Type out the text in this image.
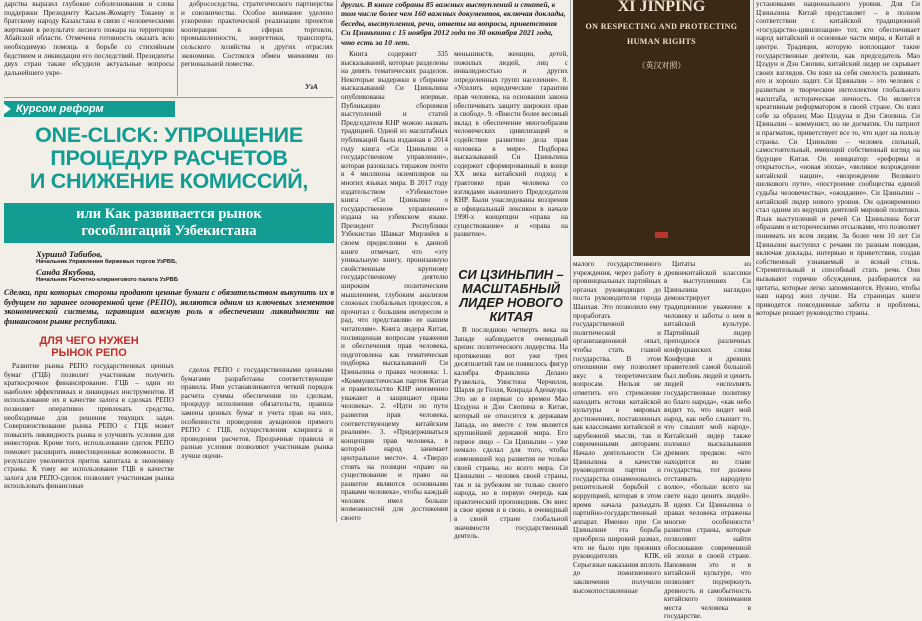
дарства выразил глубокие соболезнования и слова поддержки Президенту Касым-Жомарту Токаеву и братскому народу Казахстана в связи с человеческими жертвами в результате лесного пожара на территории Абайской области. Отмечена готовность оказать всю необходимую помощь в борьбе со стихийным бедствием и ликвидации его последствий. Президенты двух стран также обсудили актуальные вопросы дальнейшего укре-

добрососедства, стратегического партнерства и союзничества. Особое внимание уделено ускоренно практической реализации проектов кооперации в сферах торговли, промышленности, энергетики, транспорта, сельского хозяйства и других отраслях экономики. Состоялся обмен мнениями по региональной повестке.

УзА
Курсом реформ
ONE-CLICK: УПРОЩЕНИЕ
ПРОЦЕДУР РАСЧЕТОВ
И СНИЖЕНИЕ КОМИССИЙ,
или Как развивается рынок
гособлигаций Узбекистана
Хуршид Табибов,
Начальник Управления биржевых торгов УзРВБ,
Санда Якубова,
Начальник Расчетно-клирингового палата УзРВБ
Сделки, при которых стороны продают ценные бумаги с обязательством выкупить их в будущем по заранее оговоренной цене (РЕПО), являются одним из ключевых элементов экономической системы, играющим важную роль в обеспечении ликвидности на финансовом рынке республики.
ДЛЯ ЧЕГО НУЖЕН
РЫНОК РЕПО

Развитие рынка РЕПО государственных ценных бумаг (ГЦБ) позволит участникам получить краткосрочное финансирование. ГЦБ – один из наиболее эффективных и ликвидных инструментов. И использование их в качестве залога в сделках РЕПО позволяет оперативно привлекать средства, необходимые для решения текущих задач. Совершенствование рынка РЕПО с ГЦБ может повысить ликвидность рынка и улучшить условия для инвесторов. Кроме того, использование сделок РЕПО поможет расширить инвестиционные возможности. В результате увеличится приток капитала в экономику страны. К тому же использование ГЦБ в качестве залога для РЕПО-сделок позволяет участникам рынка использовать финансовые

сделок РЕПО с государственными ценными бумагами разработаны соответствующие правила. Ими устанавливаются четкий порядок расчета суммы обеспечения по сделкам, процедур исполнения обязательств, правила замены ценных бумаг и учета прав на них, особенности проведения аукционов прямого РЕПО с ГЦБ, осуществления клиринга и проведения расчетов. Прозрачные правила и разные условия позволяют участникам рынка лучше оцени-

других. В книге собраны 85 важных выступлений и статей, в том числе более чем 160 важных документов, включая доклады, беседы, выступления, речи, ответы на вопросы, приветствия Си Цзиньпина с 15 ноября 2012 года по 30 октября 2021 года, что есть за 10 лет.

Книга содержит 335 высказываний, которые разделены на девять тематических разделов. Некоторые выдержки в сборнике высказываний Си Цзиньпина опубликованы впервые. Публикацию сборников выступлений и статей Председателя КНР можно назвать традицией. Одной из масштабных публикаций была изданная в 2014 году книга «Си Цзиньпин о государственном управлении», которая разошлась тиражом почти в 4 миллиона экземпляров на многих языках мира. В 2017 году издательством «Узбекистон» книга «Си Цзиньпин о государственном управлении» издана на узбекском языке. Президент Республики Узбекистан Шавкат Мирзиёев в своем предисловии к данной книге отмечает, что «эту уникальную книгу, пронизанную свойственным крупному государственному деятелю широким политическим мышлением, глубоким анализом сложных глобальных процессов, я прочитал с большим интересом и рад, что представляю ее нашим читателям». Книга лидера Китая, посвященная вопросам уважения и обеспечения прав человека, подготовлена как тематическая подборка высказываний Си Цзиньпина о правах человека: 1. «Коммунистическая партия Китая и правительство КНР неизменно уважают и защищают права человека». 2. «Идти по пути развития прав человека, соответствующему китайским реалиям». 3. «Придерживаться концепции прав человека, в которой народ занимает центральное место». 4. «Твердо стоять на позиции «право на существование и право на развитие являются основными правами человека», чтобы каждый человек имел больше возможностей для достижения своего

меньшинств, женщин, детей, пожилых людей, лиц с инвалидностью и других определенных групп населения». 8. «Усилить юридические гарантии прав человека, на основании закона обеспечивать защиту широких прав и свобод». 9. «Внести более весомый вклад в обеспечение многообразия человеческих цивилизаций и содействие развитию дела прав человека в мире». Подборка высказываний Си Цзиньпина содержит сформированный в конце ХХ века китайский подход к трактовке прав человека со взглядами нынешнего Председателя КНР. Были унаследованы воззрения и официальный лексикон в начале 1990-х концепции «права на существование» и «права на развитие».

СИ ЦЗИНЬПИН –
МАСШТАБНЫЙ
ЛИДЕР НОВОГО
КИТАЯ

В последнюю четверть века на Западе наблюдается очевидный кризис политического лидерства. На протяжении вот уже трех десятилетий там не появилось фигур калибра Франклина Делано Рузвельта, Уинстона Черчилля, Шарля де Голля, Конрада Аденауэра. Это не в первые со времен Мао Цзэдуна и Дэн Сяопина в Китае, который не относится к державам Запада, но вместе с тем является крупнейшей державой мира. Его первое лицо – Си Цзиньпин – уже немало сделал для того, чтобы изменившей ход развития не только своей страны, но всего мира. Си Цзиньпин – человек своей страны, так и за рубежом не только своего народа, но в первую очередь как практический проповедник. Он внес в свое время и в свою, в очевидный в своей стране глобальной значимости государственный деятель.

XI JINPING
ON RESPECTING AND PROTECTING
HUMAN RIGHTS
（英汉对照）

малого государственного учреждения, через работу в провинциальных партийных органах руководящих до поста руководителя города Шанхая. Это позволило ему проработать государственной политической и организационной опыт, чтобы стать главой государства. В этом отношении ему позволяет вкус к теоретическим вопросам. Нельзя не отметить его стремление находить истоки китайской культуры в мировых достижениях, поставленных как классиками китайской и зарубежной мысли, так и современными авторами. Начало деятельности Си Цзиньпина в качестве руководителя партии и государства ознаменовалось решительной борьбой с коррупцией, которая в этом время начала разъедать партийно-государственный аппарат. Именно при Си Цзиньпине эта борьба приобрела широкий размах, что не было при прежних руководителях КПК. Серьезные наказания вплоть до пожизненного заключения получили высокопоставленные

Цитаты из древнекитайской классики в выступлениях Си Цзиньпина наглядно демонстрирует традиционное уважение к человеку и заботы о нем в китайской культуре. Партийный лидер преподнося различных конфуцианских слова Конфуция и древних правителей самой большой был любовь людей и ценить людей «исполнять государственные политику во благо народа», «как небо видит то, что видит мой народ, как небо слышит то, что слышит мой народ». Китайский лидер также изложил высказывания древних предков: «кто находится во главе государства, тот должен отстаивать народную волю», «больше всего на свете надо ценить людей». В идеях Си Цзиньпина о правах человека отражены многие особенности развития страны, которые позволяют найти обоснование современной ей эпохи в своей стране. Напомним это и в китайской культуре, что позволяет подчеркнуть древность и самобытность китайского понимания места человека в государстве.

установками национального уровня. Для Си Цзиньпина Китай представляет – в полном соответствии с китайской традиционной «государство-цивилизация» тот, кто обеспечивает народ китайский и основные части мира, и Китай в центре. Традиция, которую воплощают такие государственные деятели, как председатель Мао Цзэдун и Дэн Сяопин, китайский лидер не скрывает своих взглядов. Он взял на себя смелость развивать его и хорошо ладит. Си Цзиньпин – это человек с развитым и творческим интеллектом глобального масштаба, историческая личность. Он является креативным реформатором в своей стране. Он взял себе за образец Мао Цзэдуна и Дэн Сяопина. Си Цзиньпин – коммунист, но не догматик. Он патриот и прагматик, приветствует все то, что идет на пользу страны. Си Цзиньпин – человек сильный, самостоятельный, имеющий собственный взгляд на будущее Китая. Он инициатор: «реформы и открытость», «новая эпоха», «великое возрождение китайской нации», «возрождение Великого шелкового пути», «построение сообщества единой судьбы человечества», «ожидание». Си Цзиньпин – китайский лидер нового уровня. Он одновременно стал одним из ведущих деятелей мировой политики. Язык выступлений и речей Си Цзиньпина богат образами и историческими отсылками, что позволяет понимать их всем людям. За более чем 10 лет Си Цзиньпин выступил с речами по разным поводам, включая доклады, интервью и приветствия, создав собственный узнаваемый и ясный стиль. Стремительный и способный стать речи. Они вызывают горячие обсуждения, разбираются на цитаты, которые легко запоминаются. Нужно, чтобы наш народ жил лучше. На страницах книги приводятся повседневные заботы и проблемы, которые решает руководство страны.
